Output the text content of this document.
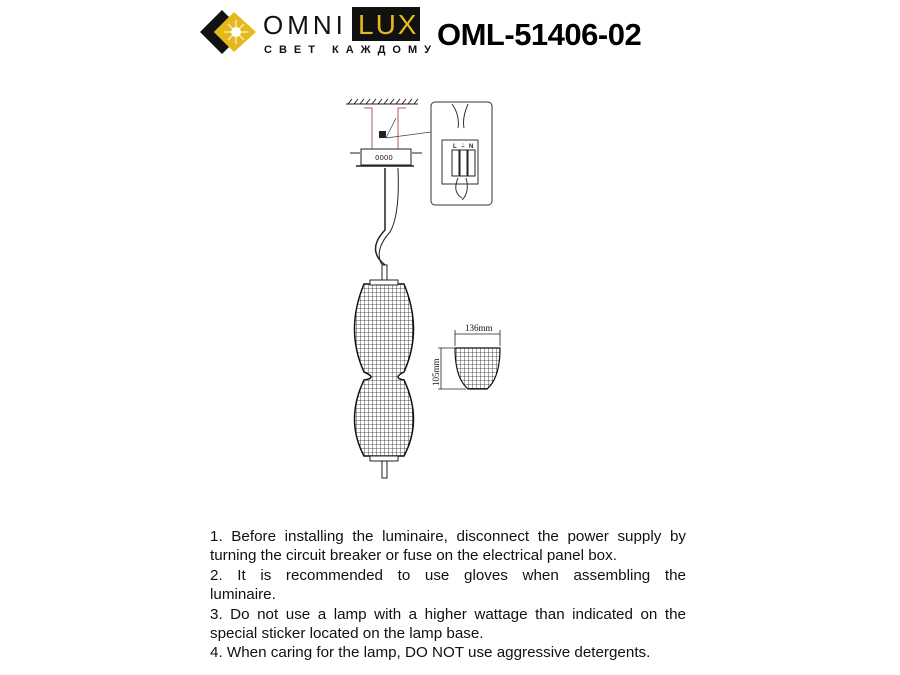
OMNI LUX
СВЕТ КАЖДОМУ OML-51406-02
0000
L ⏚ N
136mm
105mm

1. Before installing the luminaire, disconnect the power supply by

turning the circuit breaker or fuse on the electrical panel box.

2. It is recommended to use gloves when assembling the

luminaire.

3. Do not use a lamp with a higher wattage than indicated on the

special sticker located on the lamp base.

4. When caring for the lamp, DO NOT use aggressive detergents.
